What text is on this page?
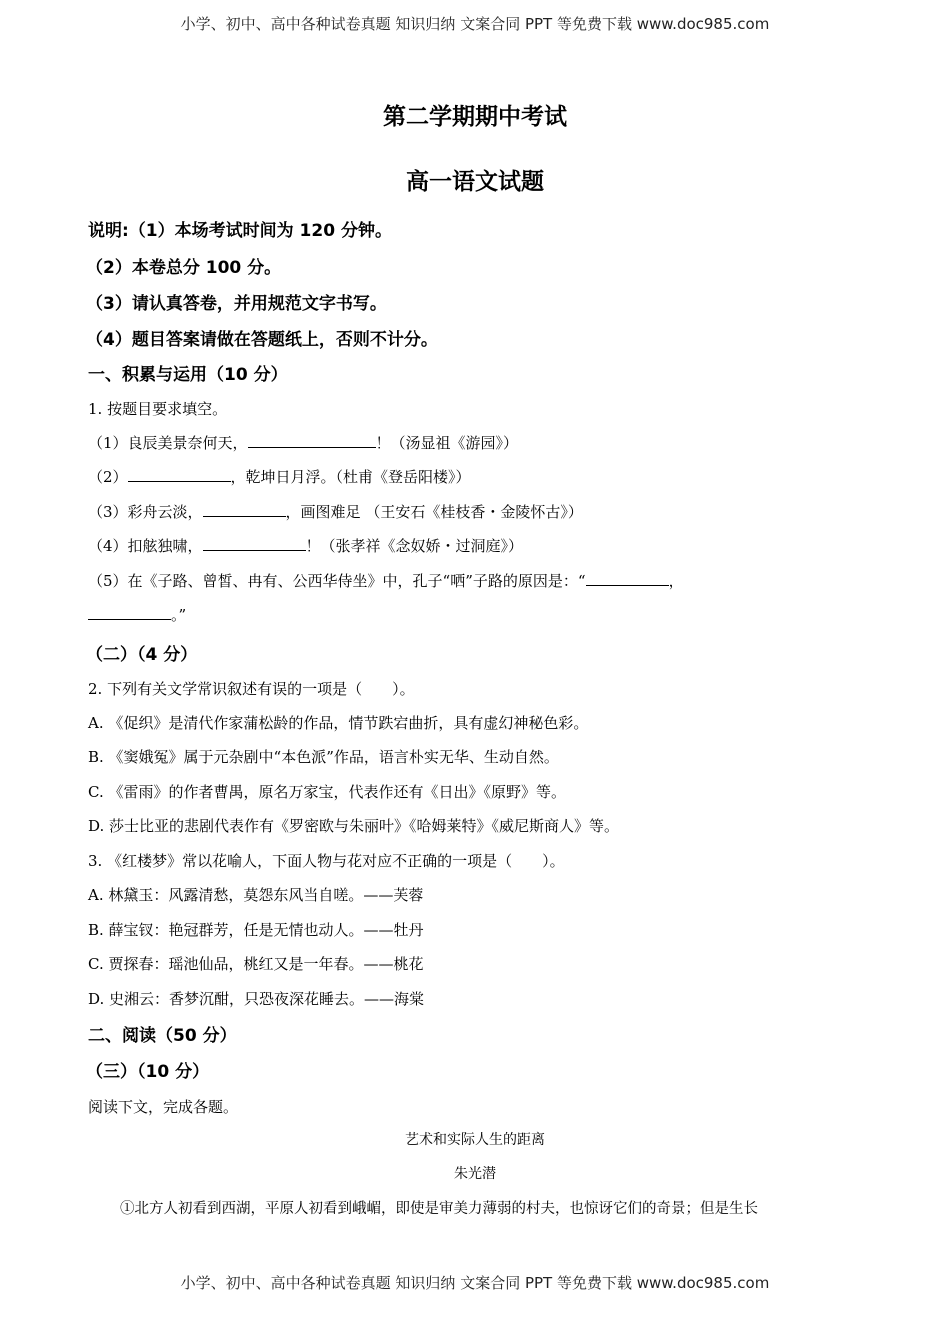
小学、初中、高中各种试卷真题 知识归纳 文案合同 PPT 等免费下载 www.doc985.com
第二学期期中考试
高一语文试题
说明:（1）本场考试时间为 120 分钟。
（2）本卷总分 100 分。
（3）请认真答卷，并用规范文字书写。
（4）题目答案请做在答题纸上，否则不计分。
一、积累与运用（10 分）
1. 按题目要求填空。
（1）良辰美景奈何天，	！（汤显祖《游园》）
（2）	，乾坤日月浮。（杜甫《登岳阳楼》）
（3）彩舟云淡，	，画图难足 （王安石《桂枝香・金陵怀古》）
（4）扣舷独啸，	！（张孝祥《念奴娇・过洞庭》）
（5）在《子路、曾皙、冉有、公西华侍坐》中，孔子“哂”子路的原因是：“	，
。”
（二）（4 分）
2. 下列有关文学常识叙述有误的一项是（　　）。
A. 《促织》是清代作家蒲松龄的作品，情节跌宕曲折，具有虚幻神秘色彩。
B. 《窦娥冤》属于元杂剧中“本色派”作品，语言朴实无华、生动自然。
C. 《雷雨》的作者曹禺，原名万家宝，代表作还有《日出》《原野》等。
D. 莎士比亚的悲剧代表作有《罗密欧与朱丽叶》《哈姆莱特》《威尼斯商人》等。
3. 《红楼梦》常以花喻人，下面人物与花对应不正确的一项是（　　）。
A. 林黛玉：风露清愁，莫怨东风当自嗟。——芙蓉
B. 薛宝钗：艳冠群芳，任是无情也动人。——牡丹
C. 贾探春：瑶池仙品，桃红又是一年春。——桃花
D. 史湘云：香梦沉酣，只恐夜深花睡去。——海棠
二、阅读（50 分）
（三）（10 分）
阅读下文，完成各题。
艺术和实际人生的距离
朱光潜
①北方人初看到西湖，平原人初看到峨嵋，即使是审美力薄弱的村夫，也惊讶它们的奇景；但是生长
小学、初中、高中各种试卷真题 知识归纳 文案合同 PPT 等免费下载 www.doc985.com
